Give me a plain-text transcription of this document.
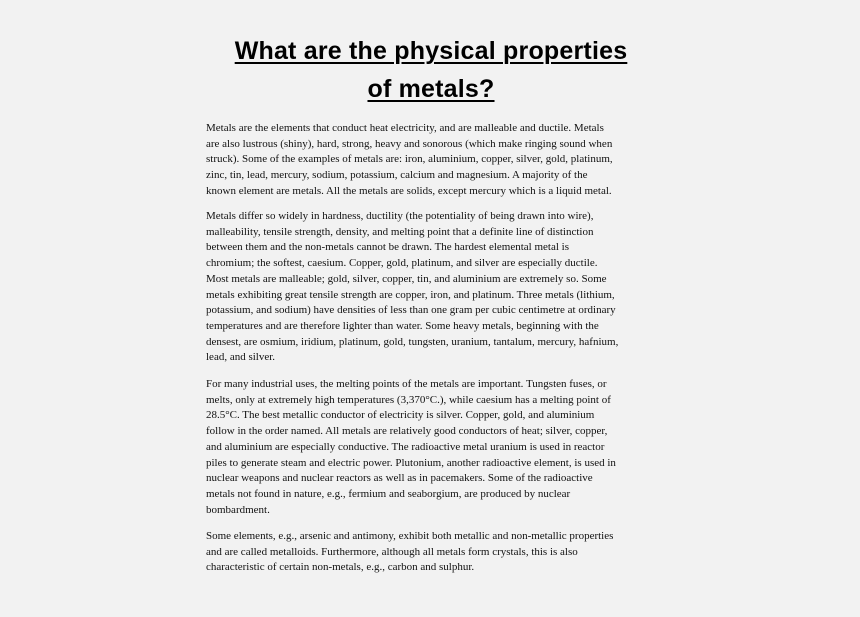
What are the physical properties
of metals?
Metals are the elements that conduct heat electricity, and are malleable and ductile. Metals
are also lustrous (shiny), hard, strong, heavy and sonorous (which make ringing sound when
struck). Some of the examples of metals are: iron, aluminium, copper, silver, gold, platinum,
zinc, tin, lead, mercury, sodium, potassium, calcium and magnesium. A majority of the
known element are metals. All the metals are solids, except mercury which is a liquid metal.
Metals differ so widely in hardness, ductility (the potentiality of being drawn into wire),
malleability, tensile strength, density, and melting point that a definite line of distinction
between them and the non-metals cannot be drawn. The hardest elemental metal is
chromium; the softest, caesium. Copper, gold, platinum, and silver are especially ductile.
Most metals are malleable; gold, silver, copper, tin, and aluminium are extremely so. Some
metals exhibiting great tensile strength are copper, iron, and platinum. Three metals (lithium,
potassium, and sodium) have densities of less than one gram per cubic centimetre at ordinary
temperatures and are therefore lighter than water. Some heavy metals, beginning with the
densest, are osmium, iridium, platinum, gold, tungsten, uranium, tantalum, mercury, hafnium,
lead, and silver.
For many industrial uses, the melting points of the metals are important. Tungsten fuses, or
melts, only at extremely high temperatures (3,370°C.), while caesium has a melting point of
28.5°C. The best metallic conductor of electricity is silver. Copper, gold, and aluminium
follow in the order named. All metals are relatively good conductors of heat; silver, copper,
and aluminium are especially conductive. The radioactive metal uranium is used in reactor
piles to generate steam and electric power. Plutonium, another radioactive element, is used in
nuclear weapons and nuclear reactors as well as in pacemakers. Some of the radioactive
metals not found in nature, e.g., fermium and seaborgium, are produced by nuclear
bombardment.
Some elements, e.g., arsenic and antimony, exhibit both metallic and non-metallic properties
and are called metalloids. Furthermore, although all metals form crystals, this is also
characteristic of certain non-metals, e.g., carbon and sulphur.
